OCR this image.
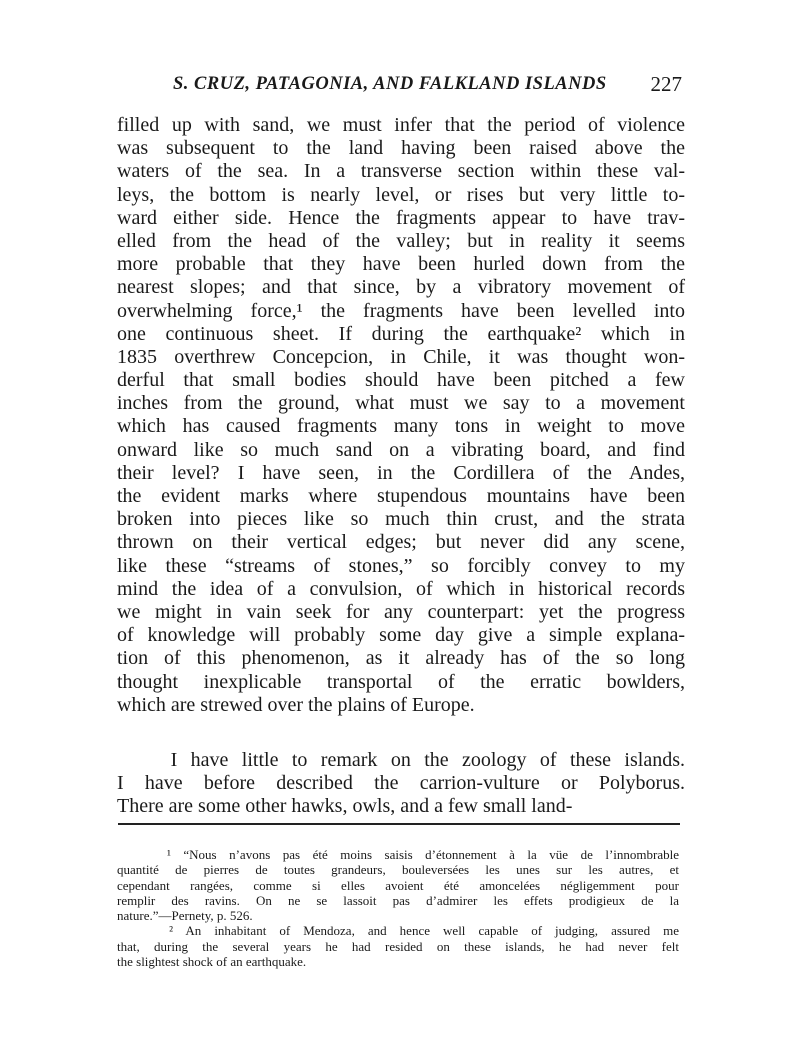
S. CRUZ, PATAGONIA, AND FALKLAND ISLANDS 227
filled up with sand, we must infer that the period of violence
was subsequent to the land having been raised above the
waters of the sea. In a transverse section within these val-
leys, the bottom is nearly level, or rises but very little to-
ward either side. Hence the fragments appear to have trav-
elled from the head of the valley; but in reality it seems
more probable that they have been hurled down from the
nearest slopes; and that since, by a vibratory movement of
overwhelming force,¹ the fragments have been levelled into
one continuous sheet. If during the earthquake² which in
1835 overthrew Concepcion, in Chile, it was thought won-
derful that small bodies should have been pitched a few
inches from the ground, what must we say to a movement
which has caused fragments many tons in weight to move
onward like so much sand on a vibrating board, and find
their level? I have seen, in the Cordillera of the Andes,
the evident marks where stupendous mountains have been
broken into pieces like so much thin crust, and the strata
thrown on their vertical edges; but never did any scene,
like these “streams of stones,” so forcibly convey to my
mind the idea of a convulsion, of which in historical records
we might in vain seek for any counterpart: yet the progress
of knowledge will probably some day give a simple explana-
tion of this phenomenon, as it already has of the so long
thought inexplicable transportal of the erratic bowlders,
which are strewed over the plains of Europe.
I have little to remark on the zoology of these islands.
I have before described the carrion-vulture or Polyborus.
There are some other hawks, owls, and a few small land-
¹ “Nous n’avons pas été moins saisis d’étonnement à la vüe de l’innombrable
quantité de pierres de toutes grandeurs, bouleversées les unes sur les autres, et
cependant rangées, comme si elles avoient été amoncelées négligemment pour
remplir des ravins. On ne se lassoit pas d’admirer les effets prodigieux de la
nature.”—Pernety, p. 526.
² An inhabitant of Mendoza, and hence well capable of judging, assured me
that, during the several years he had resided on these islands, he had never felt
the slightest shock of an earthquake.
